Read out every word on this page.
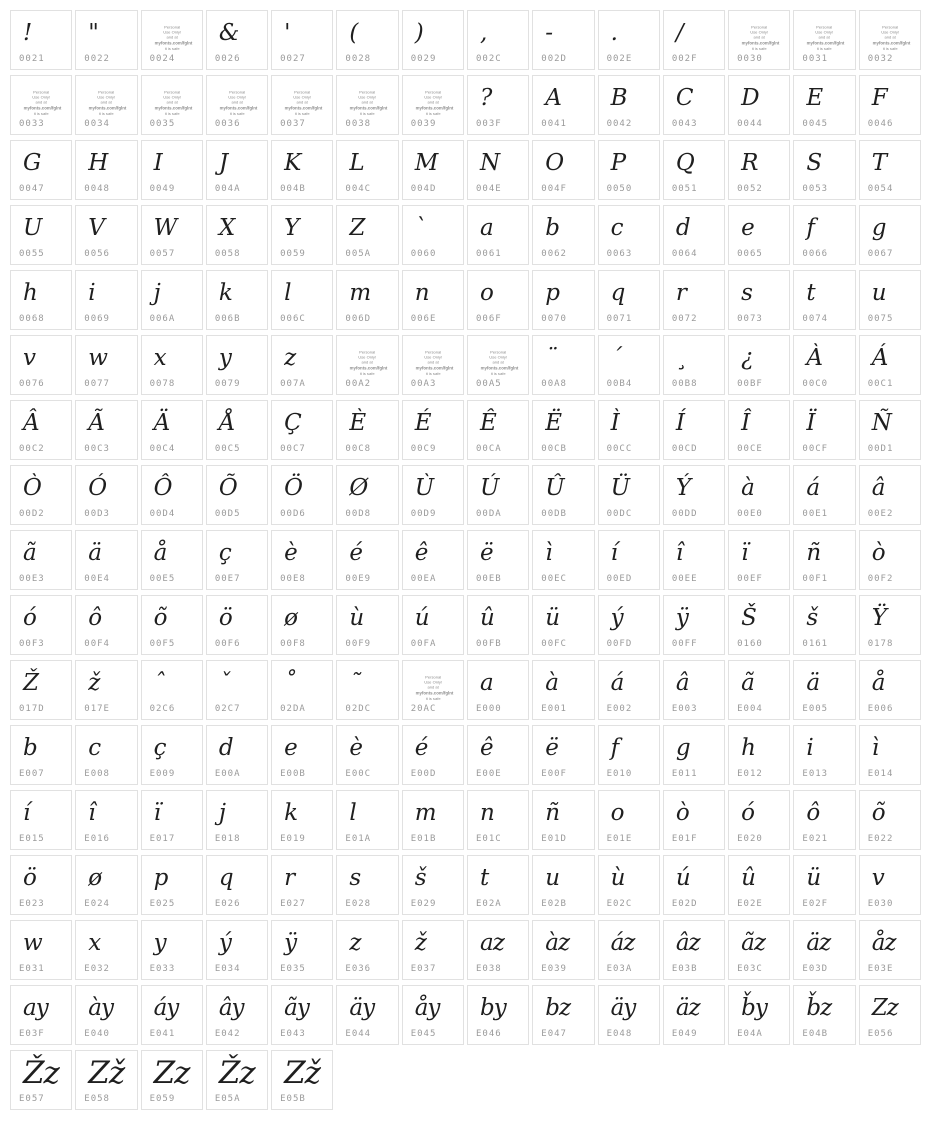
!
0021
"
0022
Personal
Use Only!
and at
myfonts.com/fglnt
it is safe
0024
&
0026
'
0027
(
0028
)
0029
,
002C
-
002D
.
002E
/
002F
Personal
Use Only!
and at
myfonts.com/fglnt
it is safe
0030
Personal
Use Only!
and at
myfonts.com/fglnt
it is safe
0031
Personal
Use Only!
and at
myfonts.com/fglnt
it is safe
0032
Personal
Use Only!
and at
myfonts.com/fglnt
it is safe
0033
Personal
Use Only!
and at
myfonts.com/fglnt
it is safe
0034
Personal
Use Only!
and at
myfonts.com/fglnt
it is safe
0035
Personal
Use Only!
and at
myfonts.com/fglnt
it is safe
0036
Personal
Use Only!
and at
myfonts.com/fglnt
it is safe
0037
Personal
Use Only!
and at
myfonts.com/fglnt
it is safe
0038
Personal
Use Only!
and at
myfonts.com/fglnt
it is safe
0039
?
003F
A
0041
B
0042
C
0043
D
0044
E
0045
F
0046
G
0047
H
0048
I
0049
J
004A
K
004B
L
004C
M
004D
N
004E
O
004F
P
0050
Q
0051
R
0052
S
0053
T
0054
U
0055
V
0056
W
0057
X
0058
Y
0059
Z
005A
`
0060
a
0061
b
0062
c
0063
d
0064
e
0065
f
0066
g
0067
h
0068
i
0069
j
006A
k
006B
l
006C
m
006D
n
006E
o
006F
p
0070
q
0071
r
0072
s
0073
t
0074
u
0075
v
0076
w
0077
x
0078
y
0079
z
007A
Personal
Use Only!
and at
myfonts.com/fglnt
it is safe
00A2
Personal
Use Only!
and at
myfonts.com/fglnt
it is safe
00A3
Personal
Use Only!
and at
myfonts.com/fglnt
it is safe
00A5
¨
00A8
´
00B4
¸
00B8
¿
00BF
À
00C0
Á
00C1
Â
00C2
Ã
00C3
Ä
00C4
Å
00C5
Ç
00C7
È
00C8
É
00C9
Ê
00CA
Ë
00CB
Ì
00CC
Í
00CD
Î
00CE
Ï
00CF
Ñ
00D1
Ò
00D2
Ó
00D3
Ô
00D4
Õ
00D5
Ö
00D6
Ø
00D8
Ù
00D9
Ú
00DA
Û
00DB
Ü
00DC
Ý
00DD
à
00E0
á
00E1
â
00E2
ã
00E3
ä
00E4
å
00E5
ç
00E7
è
00E8
é
00E9
ê
00EA
ë
00EB
ì
00EC
í
00ED
î
00EE
ï
00EF
ñ
00F1
ò
00F2
ó
00F3
ô
00F4
õ
00F5
ö
00F6
ø
00F8
ù
00F9
ú
00FA
û
00FB
ü
00FC
ý
00FD
ÿ
00FF
Š
0160
š
0161
Ÿ
0178
Ž
017D
ž
017E
ˆ
02C6
ˇ
02C7
˚
02DA
˜
02DC
Personal
Use Only!
and at
myfonts.com/fglnt
it is safe
20AC
a
E000
à
E001
á
E002
â
E003
ã
E004
ä
E005
å
E006
b
E007
c
E008
ç
E009
d
E00A
e
E00B
è
E00C
é
E00D
ê
E00E
ë
E00F
f
E010
g
E011
h
E012
i
E013
ì
E014
í
E015
î
E016
ï
E017
j
E018
k
E019
l
E01A
m
E01B
n
E01C
ñ
E01D
o
E01E
ò
E01F
ó
E020
ô
E021
õ
E022
ö
E023
ø
E024
p
E025
q
E026
r
E027
s
E028
š
E029
t
E02A
u
E02B
ù
E02C
ú
E02D
û
E02E
ü
E02F
v
E030
w
E031
x
E032
y
E033
ý
E034
ÿ
E035
z
E036
ž
E037
az
E038
àz
E039
áz
E03A
âz
E03B
ãz
E03C
äz
E03D
åz
E03E
ay
E03F
ày
E040
áy
E041
ây
E042
ãy
E043
äy
E044
åy
E045
by
E046
bz
E047
äy
E048
äz
E049
b̌y
E04A
b̌z
E04B
Zz
E056
Žz
E057
Zž
E058
Zz
E059
Žz
E05A
Zž
E05B
